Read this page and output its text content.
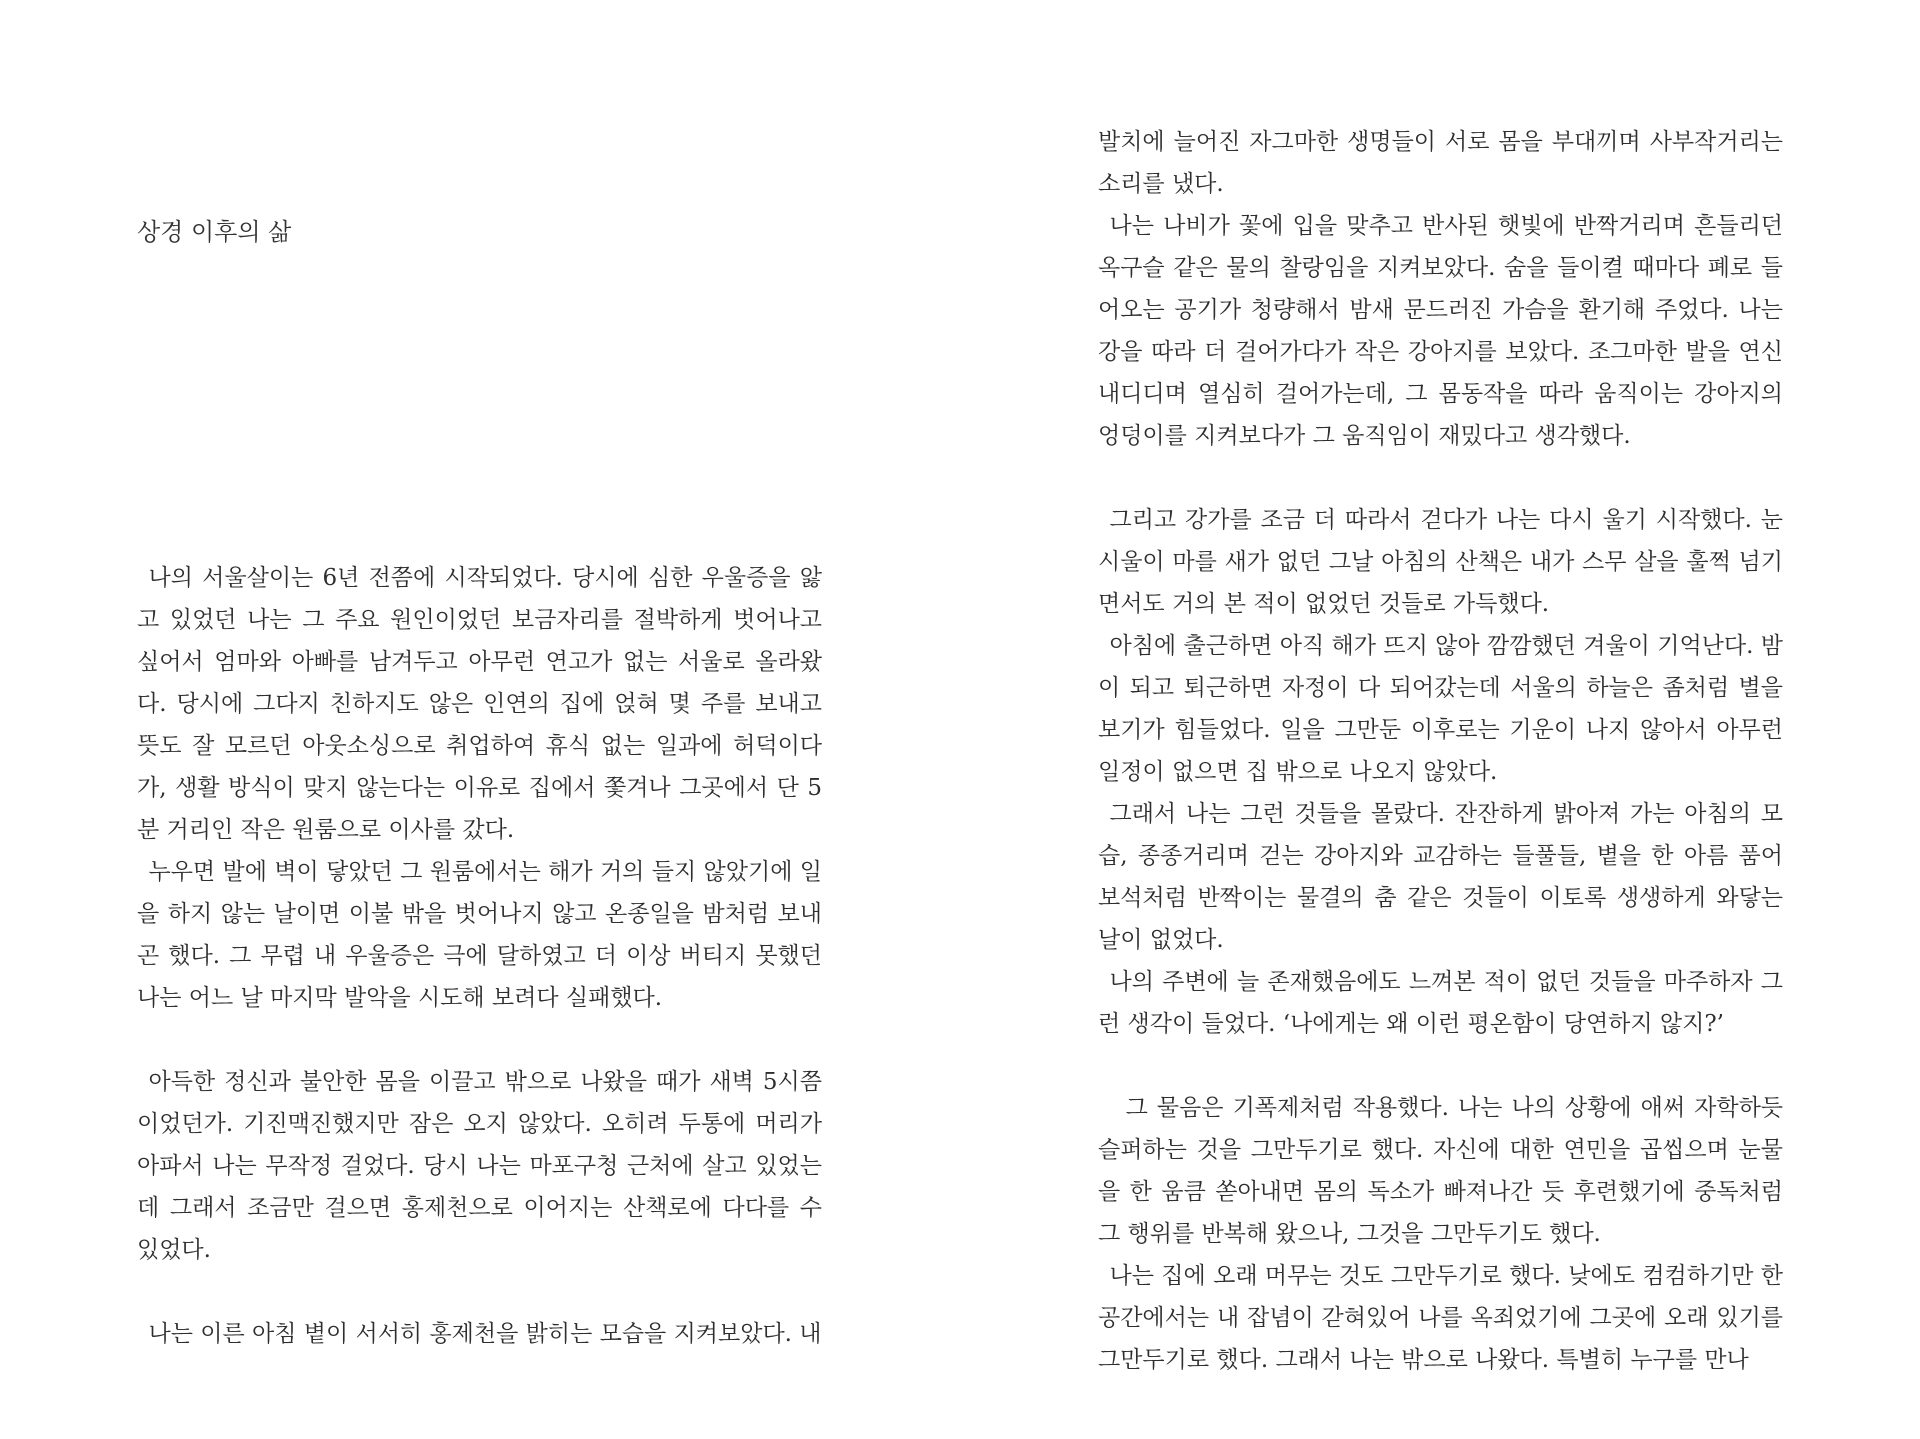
상경 이후의 삶

나의 서울살이는 6년 전쯤에 시작되었다. 당시에 심한 우울증을 앓고 있었던 나는 그 주요 원인이었던 보금자리를 절박하게 벗어나고 싶어서 엄마와 아빠를 남겨두고 아무런 연고가 없는 서울로 올라왔다. 당시에 그다지 친하지도 않은 인연의 집에 얹혀 몇 주를 보내고 뜻도 잘 모르던 아웃소싱으로 취업하여 휴식 없는 일과에 허덕이다가, 생활 방식이 맞지 않는다는 이유로 집에서 쫓겨나 그곳에서 단 5분 거리인 작은 원룸으로 이사를 갔다.

누우면 발에 벽이 닿았던 그 원룸에서는 해가 거의 들지 않았기에 일을 하지 않는 날이면 이불 밖을 벗어나지 않고 온종일을 밤처럼 보내곤 했다. 그 무렵 내 우울증은 극에 달하였고 더 이상 버티지 못했던 나는 어느 날 마지막 발악을 시도해 보려다 실패했다.

아득한 정신과 불안한 몸을 이끌고 밖으로 나왔을 때가 새벽 5시쯤이었던가. 기진맥진했지만 잠은 오지 않았다. 오히려 두통에 머리가 아파서 나는 무작정 걸었다. 당시 나는 마포구청 근처에 살고 있었는데 그래서 조금만 걸으면 홍제천으로 이어지는 산책로에 다다를 수 있었다.

나는 이른 아침 볕이 서서히 홍제천을 밝히는 모습을 지켜보았다. 내

발치에 늘어진 자그마한 생명들이 서로 몸을 부대끼며 사부작거리는 소리를 냈다.

나는 나비가 꽃에 입을 맞추고 반사된 햇빛에 반짝거리며 흔들리던 옥구슬 같은 물의 찰랑임을 지켜보았다. 숨을 들이켤 때마다 폐로 들어오는 공기가 청량해서 밤새 문드러진 가슴을 환기해 주었다. 나는 강을 따라 더 걸어가다가 작은 강아지를 보았다. 조그마한 발을 연신 내디디며 열심히 걸어가는데, 그 몸동작을 따라 움직이는 강아지의 엉덩이를 지켜보다가 그 움직임이 재밌다고 생각했다.

그리고 강가를 조금 더 따라서 걷다가 나는 다시 울기 시작했다. 눈시울이 마를 새가 없던 그날 아침의 산책은 내가 스무 살을 훌쩍 넘기면서도 거의 본 적이 없었던 것들로 가득했다.

아침에 출근하면 아직 해가 뜨지 않아 깜깜했던 겨울이 기억난다. 밤이 되고 퇴근하면 자정이 다 되어갔는데 서울의 하늘은 좀처럼 별을 보기가 힘들었다. 일을 그만둔 이후로는 기운이 나지 않아서 아무런 일정이 없으면 집 밖으로 나오지 않았다.

그래서 나는 그런 것들을 몰랐다. 잔잔하게 밝아져 가는 아침의 모습, 종종거리며 걷는 강아지와 교감하는 들풀들, 볕을 한 아름 품어 보석처럼 반짝이는 물결의 춤 같은 것들이 이토록 생생하게 와닿는 날이 없었다.

나의 주변에 늘 존재했음에도 느껴본 적이 없던 것들을 마주하자 그런 생각이 들었다. ‘나에게는 왜 이런 평온함이 당연하지 않지?’

그 물음은 기폭제처럼 작용했다. 나는 나의 상황에 애써 자학하듯 슬퍼하는 것을 그만두기로 했다. 자신에 대한 연민을 곱씹으며 눈물을 한 움큼 쏟아내면 몸의 독소가 빠져나간 듯 후련했기에 중독처럼 그 행위를 반복해 왔으나, 그것을 그만두기도 했다.

나는 집에 오래 머무는 것도 그만두기로 했다. 낮에도 컴컴하기만 한 공간에서는 내 잡념이 갇혀있어 나를 옥죄었기에 그곳에 오래 있기를 그만두기로 했다. 그래서 나는 밖으로 나왔다. 특별히 누구를 만나
